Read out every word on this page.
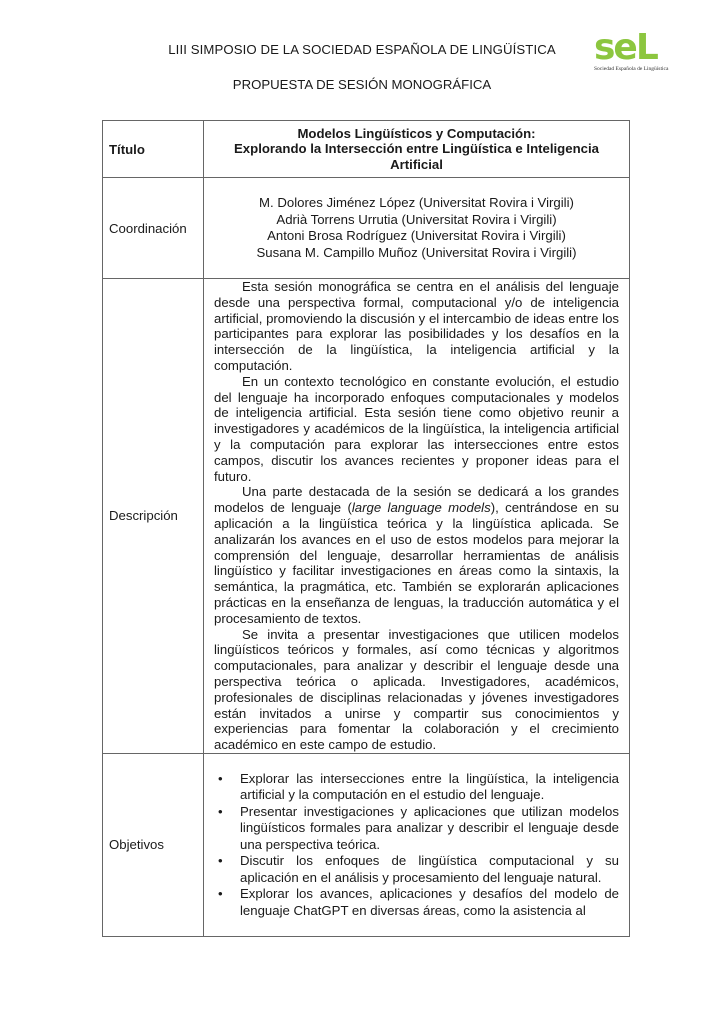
LIII SIMPOSIO DE LA SOCIEDAD ESPAÑOLA DE LINGÜÍSTICA
PROPUESTA DE SESIÓN MONOGRÁFICA
seL
Sociedad Española de Lingüística
Título	Modelos Lingüísticos y Computación:
Explorando la Intersección entre Lingüística e Inteligencia
Artificial

Coordinación	M. Dolores Jiménez López (Universitat Rovira i Virgili)
Adrià Torrens Urrutia (Universitat Rovira i Virgili)
Antoni Brosa Rodríguez (Universitat Rovira i Virgili)
Susana M. Campillo Muñoz (Universitat Rovira i Virgili)

Descripción	Esta sesión monográfica se centra en el análisis del lenguaje desde una perspectiva formal, computacional y/o de inteligencia artificial, promoviendo la discusión y el intercambio de ideas entre los participantes para explorar las posibilidades y los desafíos en la intersección de la lingüística, la inteligencia artificial y la computación.

En un contexto tecnológico en constante evolución, el estudio del lenguaje ha incorporado enfoques computacionales y modelos de inteligencia artificial. Esta sesión tiene como objetivo reunir a investigadores y académicos de la lingüística, la inteligencia artificial y la computación para explorar las intersecciones entre estos campos, discutir los avances recientes y proponer ideas para el futuro.

Una parte destacada de la sesión se dedicará a los grandes modelos de lenguaje (large language models), centrándose en su aplicación a la lingüística teórica y la lingüística aplicada. Se analizarán los avances en el uso de estos modelos para mejorar la comprensión del lenguaje, desarrollar herramientas de análisis lingüístico y facilitar investigaciones en áreas como la sintaxis, la semántica, la pragmática, etc. También se explorarán aplicaciones prácticas en la enseñanza de lenguas, la traducción automática y el procesamiento de textos.

Se invita a presentar investigaciones que utilicen modelos lingüísticos teóricos y formales, así como técnicas y algoritmos computacionales, para analizar y describir el lenguaje desde una perspectiva teórica o aplicada. Investigadores, académicos, profesionales de disciplinas relacionadas y jóvenes investigadores están invitados a unirse y compartir sus conocimientos y experiencias para fomentar la colaboración y el crecimiento académico en este campo de estudio.

Objetivos	
• Explorar las intersecciones entre la lingüística, la inteligencia artificial y la computación en el estudio del lenguaje.
• Presentar investigaciones y aplicaciones que utilizan modelos lingüísticos formales para analizar y describir el lenguaje desde una perspectiva teórica.
• Discutir los enfoques de lingüística computacional y su aplicación en el análisis y procesamiento del lenguaje natural.
• Explorar los avances, aplicaciones y desafíos del modelo de lenguaje ChatGPT en diversas áreas, como la asistencia al
